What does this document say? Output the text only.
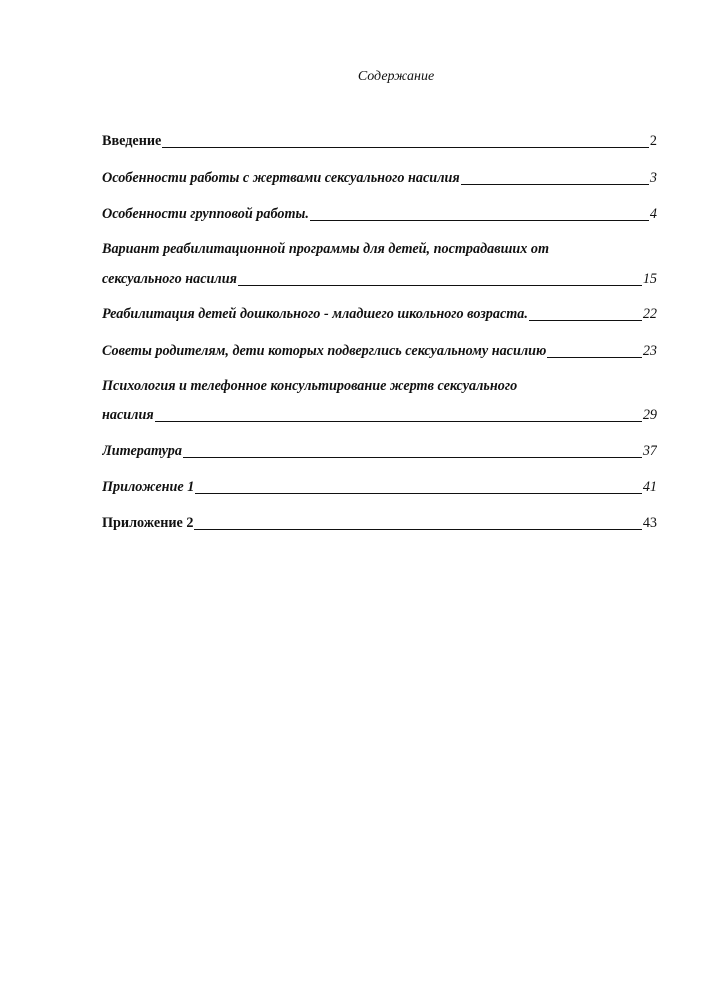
Содержание
Введение	2
Особенности работы с жертвами сексуального насилия	3
Особенности групповой работы.	4
Вариант реабилитационной программы для детей, пострадавших от
сексуального насилия	15
Реабилитация детей дошкольного - младшего школьного возраста.	22
Советы родителям, дети которых подверглись сексуальному насилию	23
Психология и телефонное консультирование жертв сексуального
насилия	29
Литература	37
Приложение 1	41
Приложение 2	43
